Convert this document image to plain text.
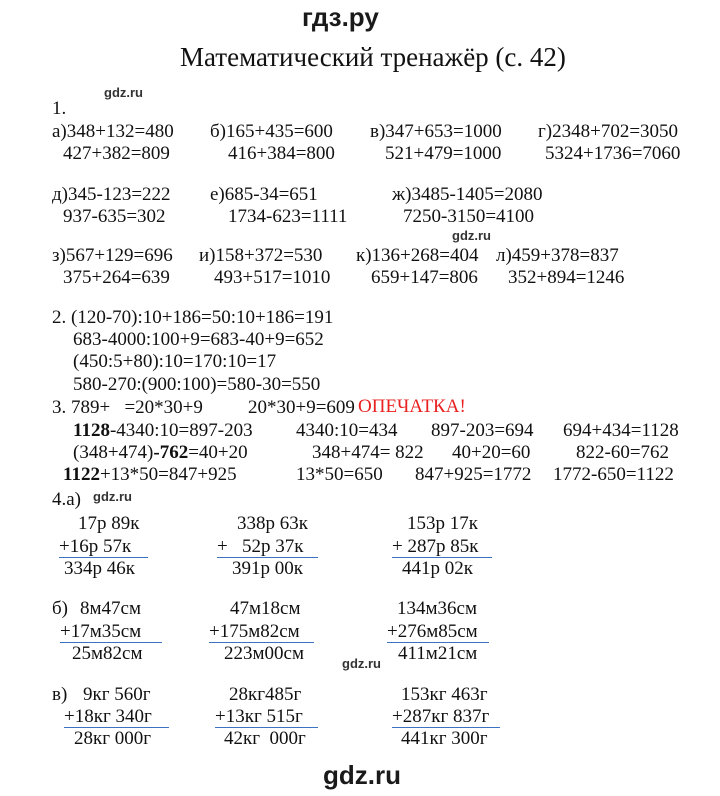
гдз.ру
Математический тренажёр (с. 42)
gdz.ru
gdz.ru
gdz.ru
gdz.ru
1.
а)348+132=480 б)165+435=600 в)347+653=1000 г)2348+702=3050
427+382=809	416+384=800	521+479=1000 5324+1736=7060
д)345-123=222 е)685-34=651	ж)3485-1405=2080
937-635=302	1734-623=1111	7250-3150=4100
з)567+129=696 и)158+372=530 к)136+268=404 л)459+378=837
375+264=639 493+517=1010 659+147=806 352+894=1246
2. (120-70):10+186=50:10+186=191
683-4000:100+9=683-40+9=652
(450:5+80):10=170:10=17
580-270:(900:100)=580-30=550
3. 789+   =20*30+9 20*30+9=609 ОПЕЧАТКА!
1128-4340:10=897-203 4340:10=434 897-203=694 694+434=1128
(348+474)-762=40+20	348+474= 822 40+20=60 822-60=762
1122+13*50=847+925	13*50=650 847+925=1772 1772-650=1122
4.а)
17р 89к
+16р 57к
334р 46к
338р 63к
+   52р 37к
391р 00к
153р 17к
+ 287р 85к
441р 02к
б) 8м47см
+17м35см
25м82см
47м18см
+175м82см
223м00см
134м36см
+276м85см
411м21см
в) 9кг 560г
+18кг 340г
28кг 000г
28кг485г
+13кг 515г
42кг  000г
153кг 463г
+287кг 837г
441кг 300г
gdz.ru
